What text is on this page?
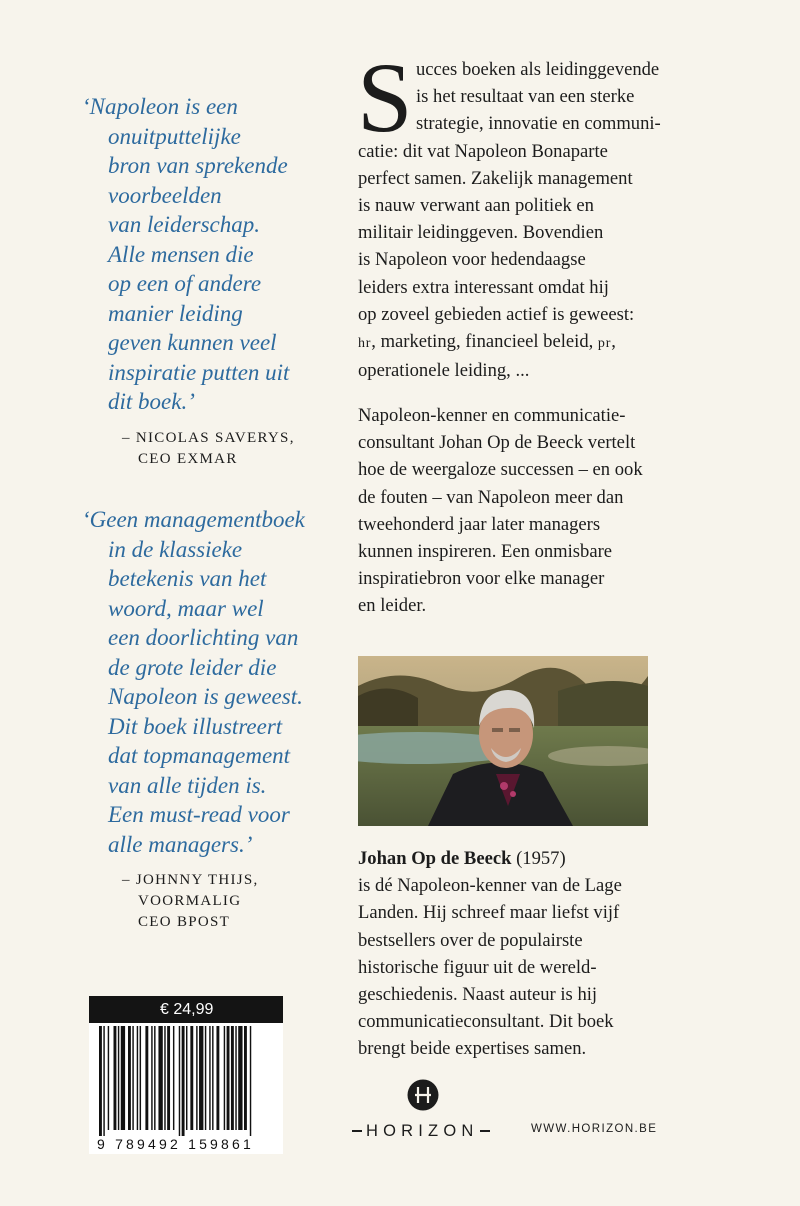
‘Napoleon is een
onuitputtelijke
bron van sprekende
voorbeelden
van leiderschap.
Alle mensen die
op een of andere
manier leiding
geven kunnen veel
inspiratie putten uit
dit boek.’
– NICOLAS SAVERYS,
CEO EXMAR
‘Geen managementboek
in de klassieke
betekenis van het
woord, maar wel
een doorlichting van
de grote leider die
Napoleon is geweest.
Dit boek illustreert
dat topmanagement
van alle tijden is.
Een must-read voor
alle managers.’
– JOHNNY THIJS,
VOORMALIG
CEO BPOST
€ 24,99
9 789492 159861
S ucces boeken als leidinggevende
is het resultaat van een sterke
strategie, innovatie en communi-
catie: dit vat Napoleon Bonaparte
perfect samen. Zakelijk management
is nauw verwant aan politiek en
militair leidinggeven. Bovendien
is Napoleon voor hedendaagse
leiders extra interessant omdat hij
op zoveel gebieden actief is geweest:
hr, marketing, financieel beleid, pr,
operationele leiding, ...
Napoleon-kenner en communicatie-
consultant Johan Op de Beeck vertelt
hoe de weergaloze successen – en ook
de fouten – van Napoleon meer dan
tweehonderd jaar later managers
kunnen inspireren. Een onmisbare
inspiratiebron voor elke manager
en leider.
Johan Op de Beeck (1957)
is dé Napoleon-kenner van de Lage
Landen. Hij schreef maar liefst vijf
bestsellers over de populairste
historische figuur uit de wereld-
geschiedenis. Naast auteur is hij
communicatieconsultant. Dit boek
brengt beide expertises samen.
HORIZON	WWW.HORIZON.BE
